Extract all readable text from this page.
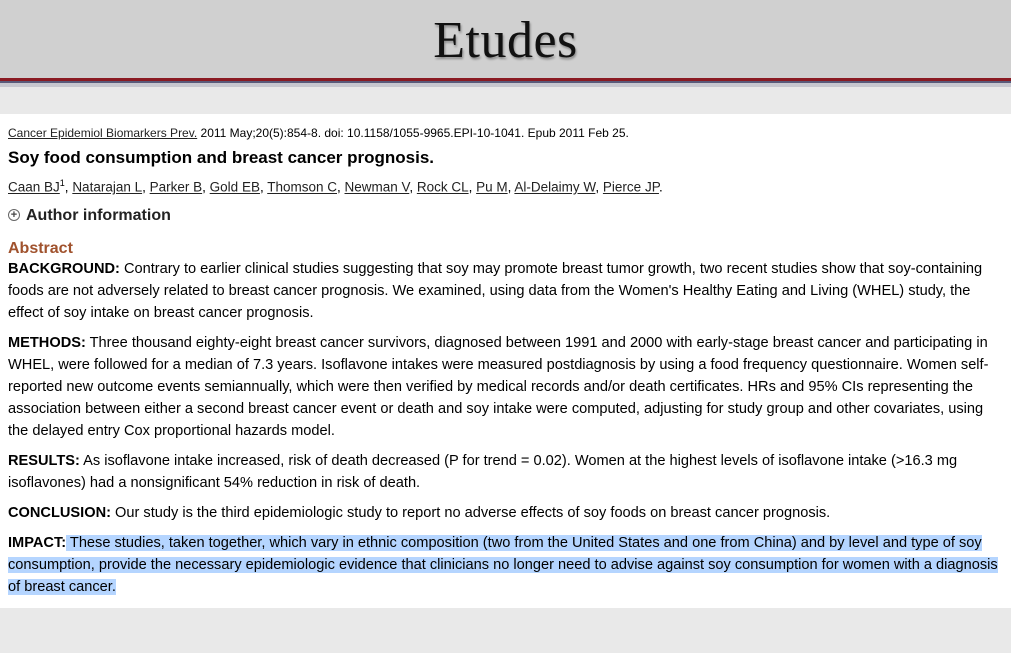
Etudes
Cancer Epidemiol Biomarkers Prev. 2011 May;20(5):854-8. doi: 10.1158/1055-9965.EPI-10-1041. Epub 2011 Feb 25.
Soy food consumption and breast cancer prognosis.
Caan $BJ^1$, Natarajan L, Parker B, Gold EB, Thomson C, Newman V, Rock CL, Pu M, Al-Delaimy W, Pierce JP.
+ Author information
Abstract
BACKGROUND: Contrary to earlier clinical studies suggesting that soy may promote breast tumor growth, two recent studies show that soy-containing foods are not adversely related to breast cancer prognosis. We examined, using data from the Women's Healthy Eating and Living (WHEL) study, the effect of soy intake on breast cancer prognosis.
METHODS: Three thousand eighty-eight breast cancer survivors, diagnosed between 1991 and 2000 with early-stage breast cancer and participating in WHEL, were followed for a median of 7.3 years. Isoflavone intakes were measured postdiagnosis by using a food frequency questionnaire. Women self-reported new outcome events semiannually, which were then verified by medical records and/or death certificates. HRs and 95% CIs representing the association between either a second breast cancer event or death and soy intake were computed, adjusting for study group and other covariates, using the delayed entry Cox proportional hazards model.
RESULTS: As isoflavone intake increased, risk of death decreased (P for trend = 0.02). Women at the highest levels of isoflavone intake (>16.3 mg isoflavones) had a nonsignificant 54% reduction in risk of death.
CONCLUSION: Our study is the third epidemiologic study to report no adverse effects of soy foods on breast cancer prognosis.
IMPACT: These studies, taken together, which vary in ethnic composition (two from the United States and one from China) and by level and type of soy consumption, provide the necessary epidemiologic evidence that clinicians no longer need to advise against soy consumption for women with a diagnosis of breast cancer.
